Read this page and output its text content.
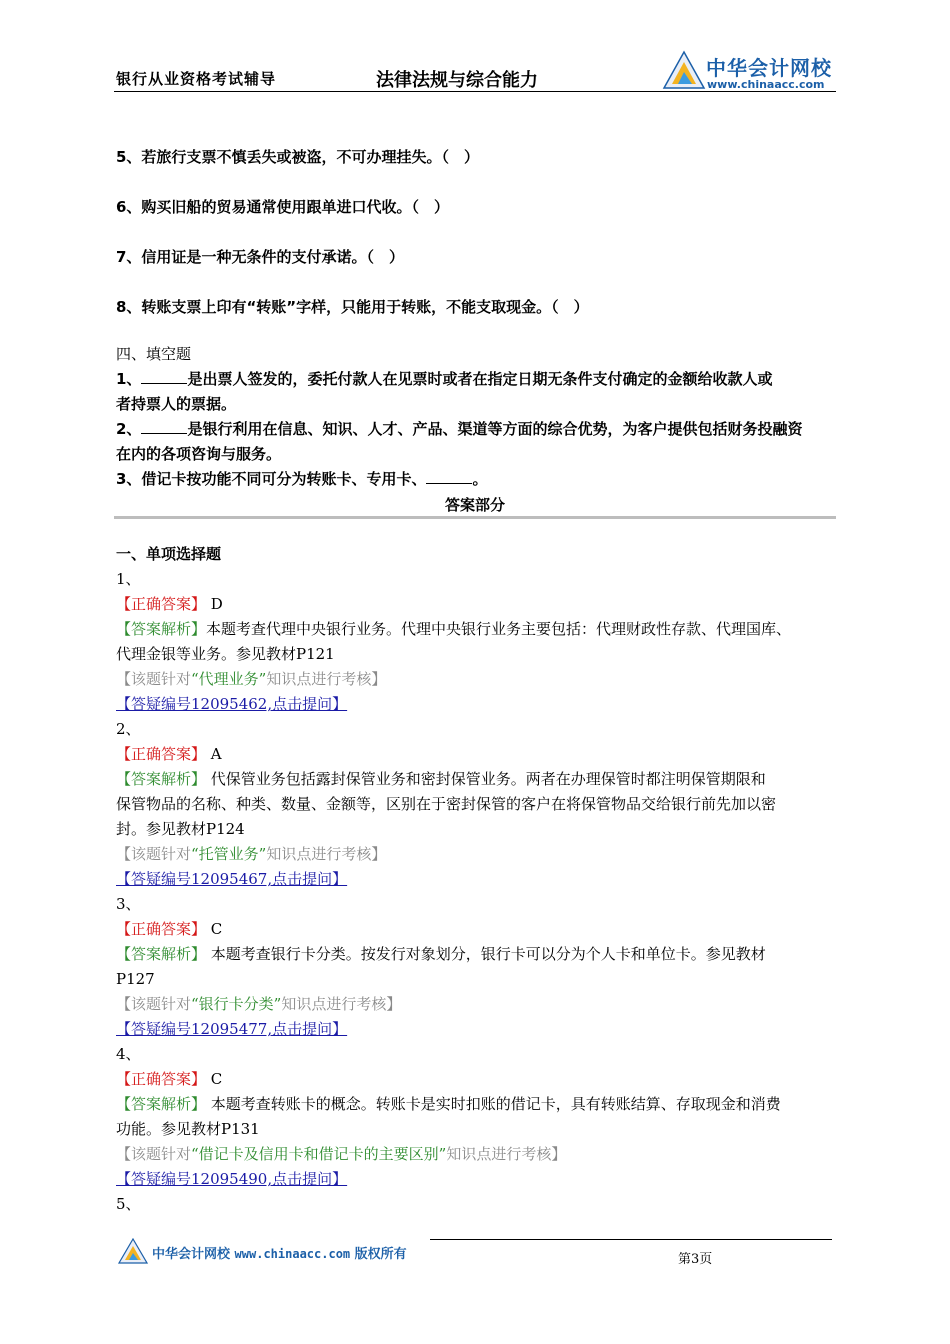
银行从业资格考试辅导	法律法规与综合能力
中华会计网校
www.chinaacc.com
5、若旅行支票不慎丢失或被盗，不可办理挂失。（　）
6、购买旧船的贸易通常使用跟单进口代收。（　）
7、信用证是一种无条件的支付承诺。（　）
8、转账支票上印有“转账”字样，只能用于转账，不能支取现金。（　）
四、填空题
1、	是出票人签发的，委托付款人在见票时或者在指定日期无条件支付确定的金额给收款人或
者持票人的票据。
2、	是银行利用在信息、知识、人才、产品、渠道等方面的综合优势，为客户提供包括财务投融资
在内的各项咨询与服务。
3、借记卡按功能不同可分为转账卡、专用卡、	。
答案部分
一、单项选择题
1、
【正确答案】 D
【答案解析】本题考查代理中央银行业务。代理中央银行业务主要包括：代理财政性存款、代理国库、
代理金银等业务。参见教材P121
【该题针对“代理业务”知识点进行考核】
【答疑编号12095462,点击提问】
2、
【正确答案】 A
【答案解析】 代保管业务包括露封保管业务和密封保管业务。两者在办理保管时都注明保管期限和
保管物品的名称、种类、数量、金额等，区别在于密封保管的客户在将保管物品交给银行前先加以密
封。参见教材P124
【该题针对“托管业务”知识点进行考核】
【答疑编号12095467,点击提问】
3、
【正确答案】 C
【答案解析】 本题考查银行卡分类。按发行对象划分，银行卡可以分为个人卡和单位卡。参见教材
P127
【该题针对“银行卡分类”知识点进行考核】
【答疑编号12095477,点击提问】
4、
【正确答案】 C
【答案解析】 本题考查转账卡的概念。转账卡是实时扣账的借记卡，具有转账结算、存取现金和消费
功能。参见教材P131
【该题针对“借记卡及信用卡和借记卡的主要区别”知识点进行考核】
【答疑编号12095490,点击提问】
5、
中华会计网校 www.chinaacc.com 版权所有	第3页
